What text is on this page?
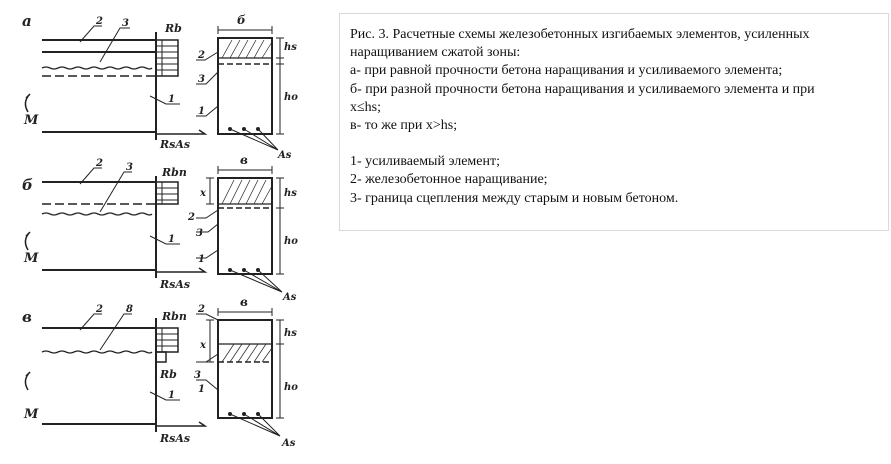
а	Rb
RsAs
M
2 3
1
б
hs
ho
As
2
3
1
б
Rbn
RsAs
M
2 3
1
в
x	hs
ho
As
2
3
1
в	Rbn
Rb
RsAs
M
2 8
1
в
x
hs
ho
As
2
3
1

Рис. 3. Расчетные схемы железобетонных изгибаемых элементов, усиленных

наращиванием сжатой зоны:

а- при равной прочности бетона наращивания и усиливаемого элемента;

б- при разной прочности бетона наращивания и усиливаемого элемента и при

x≤hs;

в- то же при x>hs;

1- усиливаемый элемент;

2- железобетонное наращивание;

3- граница сцепления между старым и новым бетоном.
